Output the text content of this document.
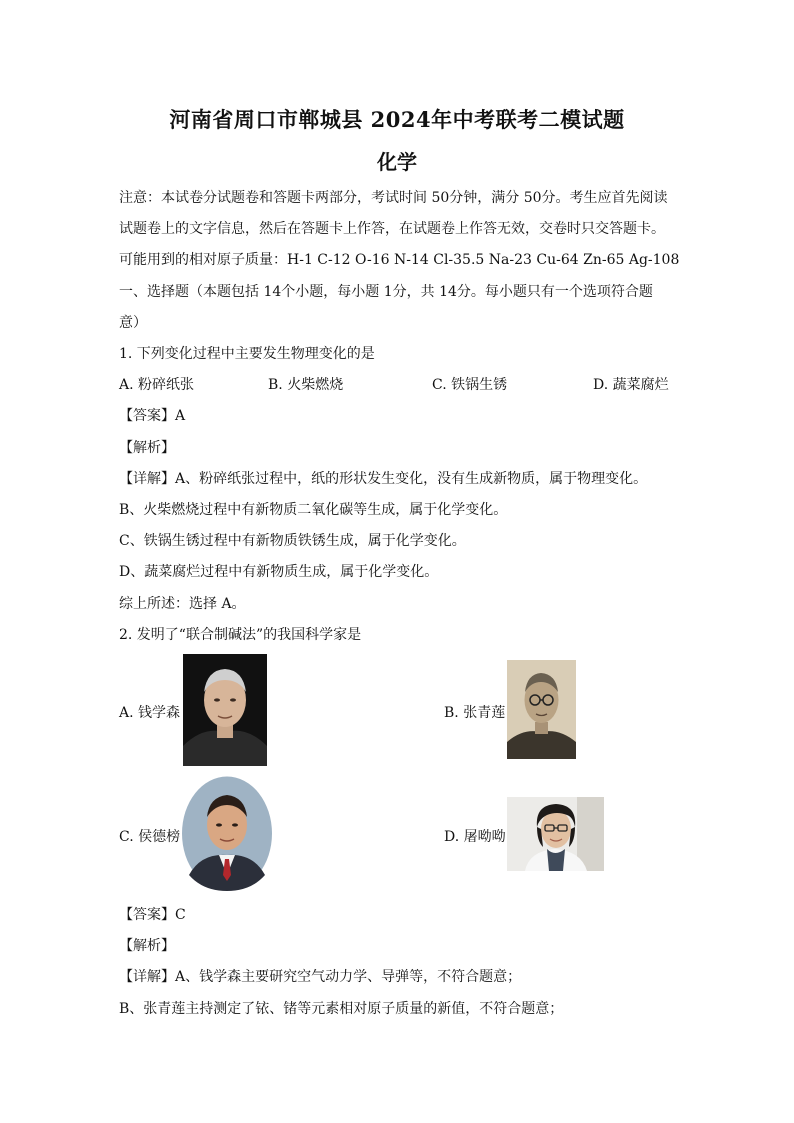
河南省周口市郸城县 2024年中考联考二模试题
化学
注意：本试卷分试题卷和答题卡两部分，考试时间 50分钟，满分 50分。考生应首先阅读
试题卷上的文字信息，然后在答题卡上作答，在试题卷上作答无效，交卷时只交答题卡。
可能用到的相对原子质量：H-1 C-12 O-16 N-14 Cl-35.5 Na-23 Cu-64 Zn-65 Ag-108
一、选择题（本题包括 14个小题，每小题 1分，共 14分。每小题只有一个选项符合题
意）
1. 下列变化过程中主要发生物理变化的是
A. 粉碎纸张	B. 火柴燃烧	C. 铁锅生锈	D. 蔬菜腐烂
【答案】A
【解析】
【详解】A、粉碎纸张过程中，纸的形状发生变化，没有生成新物质，属于物理变化。
B、火柴燃烧过程中有新物质二氧化碳等生成，属于化学变化。
C、铁锅生锈过程中有新物质铁锈生成，属于化学变化。
D、蔬菜腐烂过程中有新物质生成，属于化学变化。
综上所述：选择 A。
2. 发明了“联合制碱法”的我国科学家是
A. 钱学森	B. 张青莲
C. 侯德榜	D. 屠呦呦
【答案】C
【解析】
【详解】A、钱学森主要研究空气动力学、导弹等，不符合题意；
B、张青莲主持测定了铱、锗等元素相对原子质量的新值，不符合题意；
